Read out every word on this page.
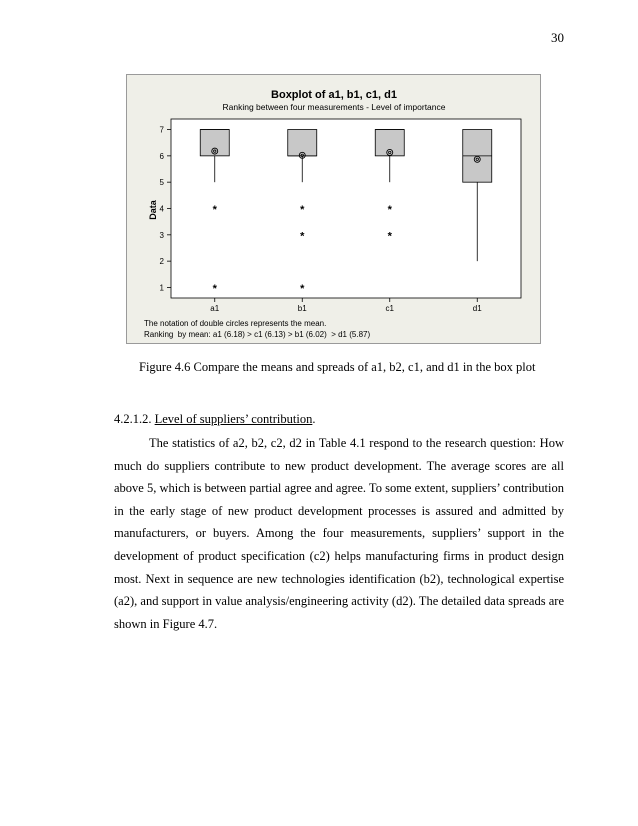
30
Boxplot of a1, b1, c1, d1
Ranking between four measurements - Level of importance
Data
1
2
3
4
5
6
7
a1	b1	c1	d1
*
*
*
*
*
*
*
The notation of double circles represents the mean.
Ranking  by mean: a1 (6.18) > c1 (6.13) > b1 (6.02)  > d1 (5.87)
Figure 4.6 Compare the means and spreads of a1, b2, c1, and d1 in the box plot
4.2.1.2. Level of suppliers’ contribution.

The statistics of a2, b2, c2, d2 in Table 4.1 respond to the research question: How much do suppliers contribute to new product development. The average scores are all above 5, which is between partial agree and agree. To some extent, suppliers’ contribution in the early stage of new product development processes is assured and admitted by manufacturers, or buyers. Among the four measurements, suppliers’ support in the development of product specification (c2) helps manufacturing firms in product design most. Next in sequence are new technologies identification (b2), technological expertise (a2), and support in value analysis/engineering activity (d2). The detailed data spreads are shown in Figure 4.7.
